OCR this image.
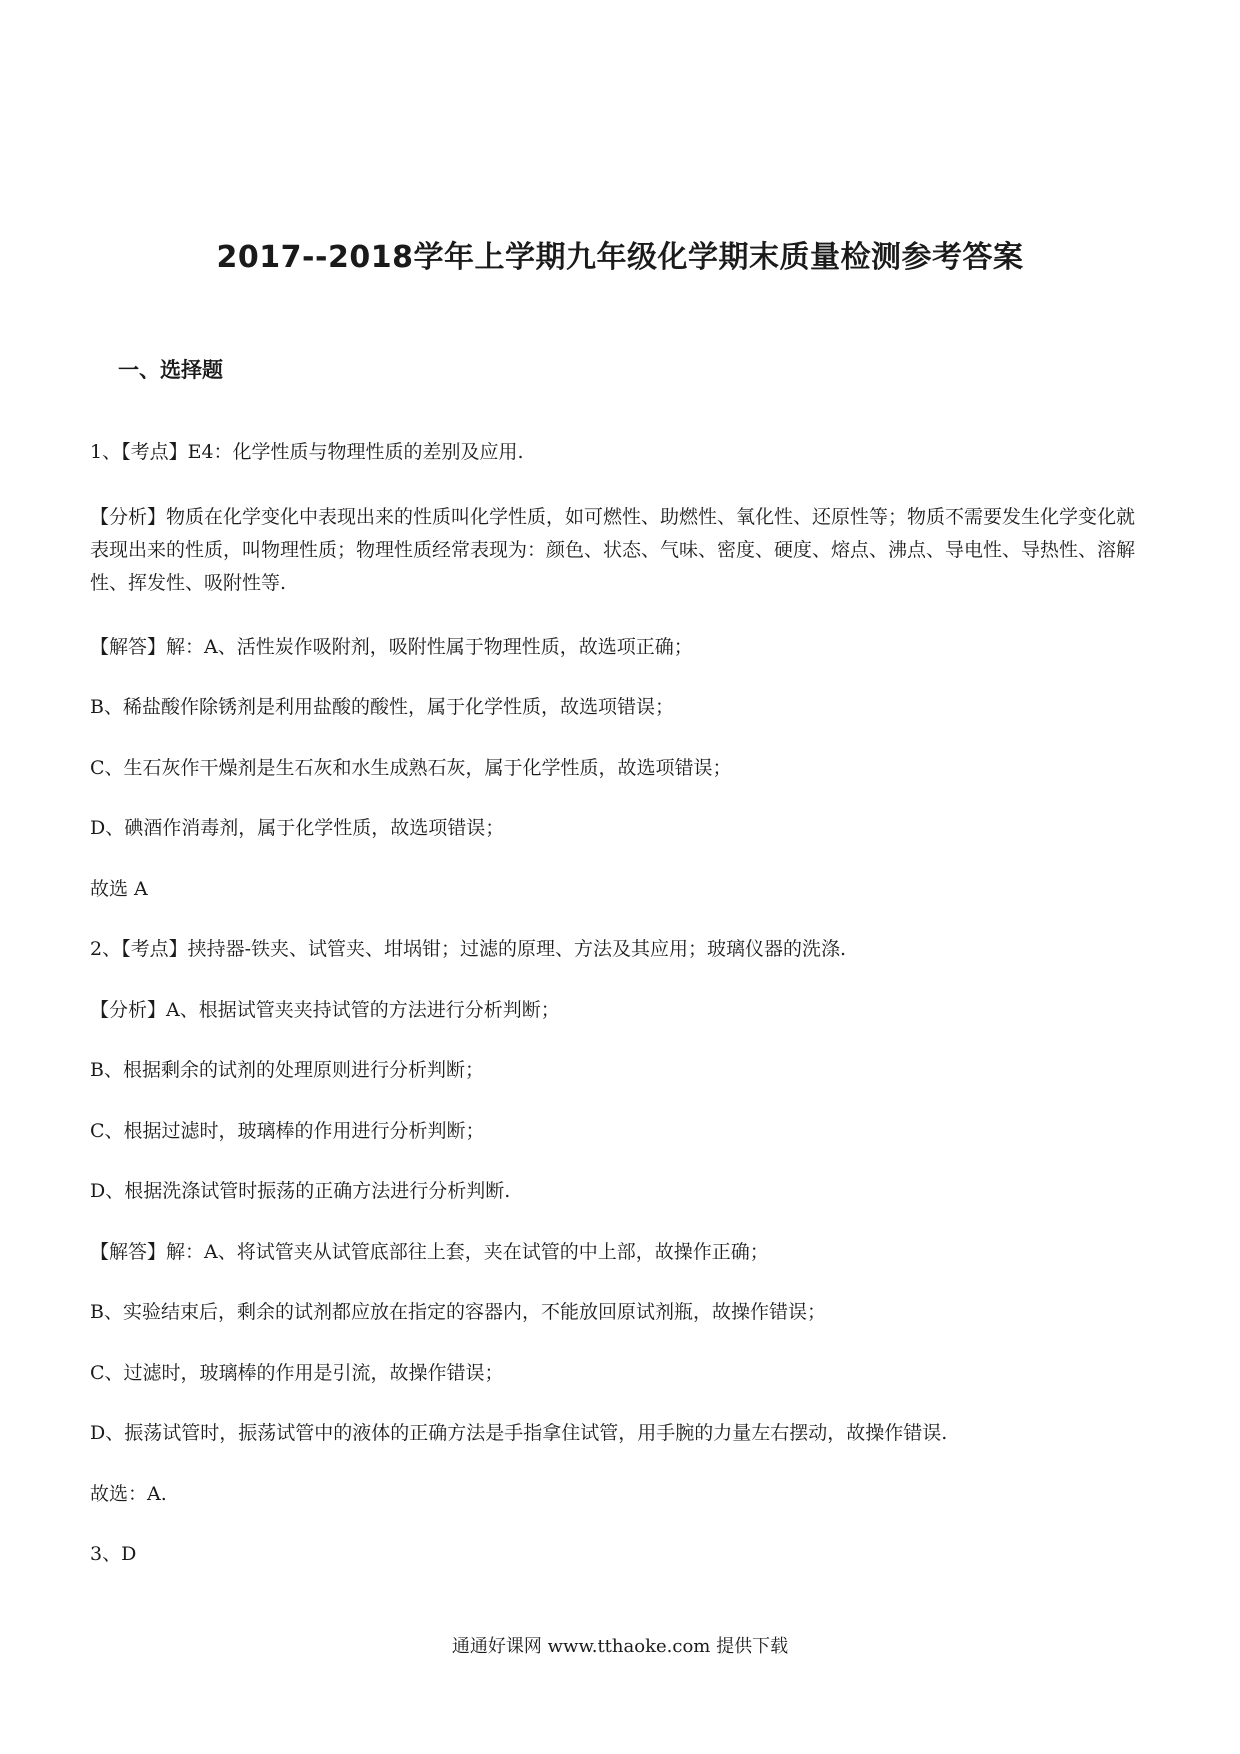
2017--2018学年上学期九年级化学期末质量检测参考答案
一、选择题

1、【考点】E4：化学性质与物理性质的差别及应用.

【分析】物质在化学变化中表现出来的性质叫化学性质，如可燃性、助燃性、氧化性、还原性等；物质不需要发生化学变化就表现出来的性质，叫物理性质；物理性质经常表现为：颜色、状态、气味、密度、硬度、熔点、沸点、导电性、导热性、溶解性、挥发性、吸附性等.

【解答】解：A、活性炭作吸附剂，吸附性属于物理性质，故选项正确；

B、稀盐酸作除锈剂是利用盐酸的酸性，属于化学性质，故选项错误；

C、生石灰作干燥剂是生石灰和水生成熟石灰，属于化学性质，故选项错误；

D、碘酒作消毒剂，属于化学性质，故选项错误；

故选 A

2、【考点】挟持器-铁夹、试管夹、坩埚钳；过滤的原理、方法及其应用；玻璃仪器的洗涤.

【分析】A、根据试管夹夹持试管的方法进行分析判断；

B、根据剩余的试剂的处理原则进行分析判断；

C、根据过滤时，玻璃棒的作用进行分析判断；

D、根据洗涤试管时振荡的正确方法进行分析判断.

【解答】解：A、将试管夹从试管底部往上套，夹在试管的中上部，故操作正确；

B、实验结束后，剩余的试剂都应放在指定的容器内，不能放回原试剂瓶，故操作错误；

C、过滤时，玻璃棒的作用是引流，故操作错误；

D、振荡试管时，振荡试管中的液体的正确方法是手指拿住试管，用手腕的力量左右摆动，故操作错误.

故选：A.

3、D

通通好课网 www.tthaoke.com 提供下载
